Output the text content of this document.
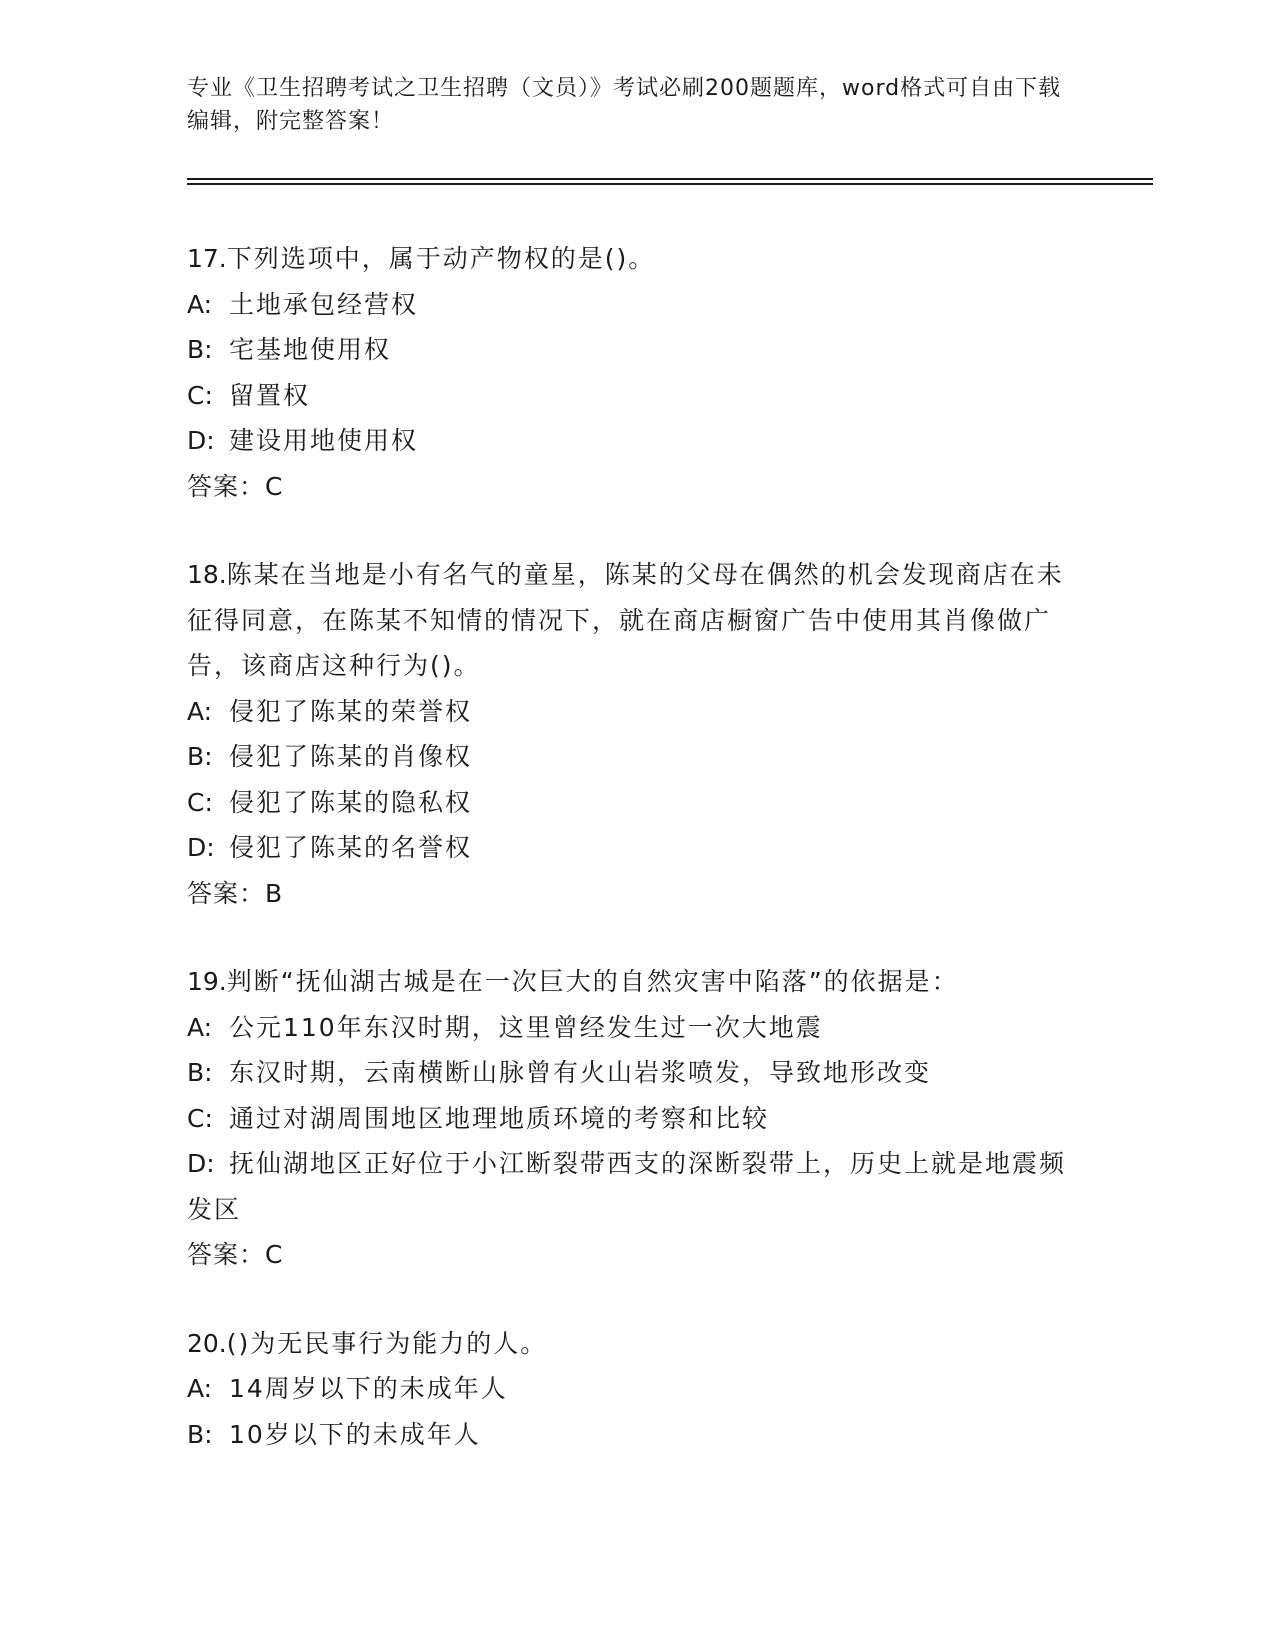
专业《卫生招聘考试之卫生招聘（文员）》考试必刷200题题库，word格式可自由下载编辑，附完整答案！
17.下列选项中，属于动产物权的是()。
A: 土地承包经营权
B: 宅基地使用权
C: 留置权
D: 建设用地使用权
答案：C
18.陈某在当地是小有名气的童星，陈某的父母在偶然的机会发现商店在未征得同意，在陈某不知情的情况下，就在商店橱窗广告中使用其肖像做广告，该商店这种行为()。
A: 侵犯了陈某的荣誉权
B: 侵犯了陈某的肖像权
C: 侵犯了陈某的隐私权
D: 侵犯了陈某的名誉权
答案：B
19.判断“抚仙湖古城是在一次巨大的自然灾害中陷落”的依据是：
A: 公元110年东汉时期，这里曾经发生过一次大地震
B: 东汉时期，云南横断山脉曾有火山岩浆喷发，导致地形改变
C: 通过对湖周围地区地理地质环境的考察和比较
D: 抚仙湖地区正好位于小江断裂带西支的深断裂带上，历史上就是地震频发区
答案：C
20.()为无民事行为能力的人。
A: 14周岁以下的未成年人
B: 10岁以下的未成年人
